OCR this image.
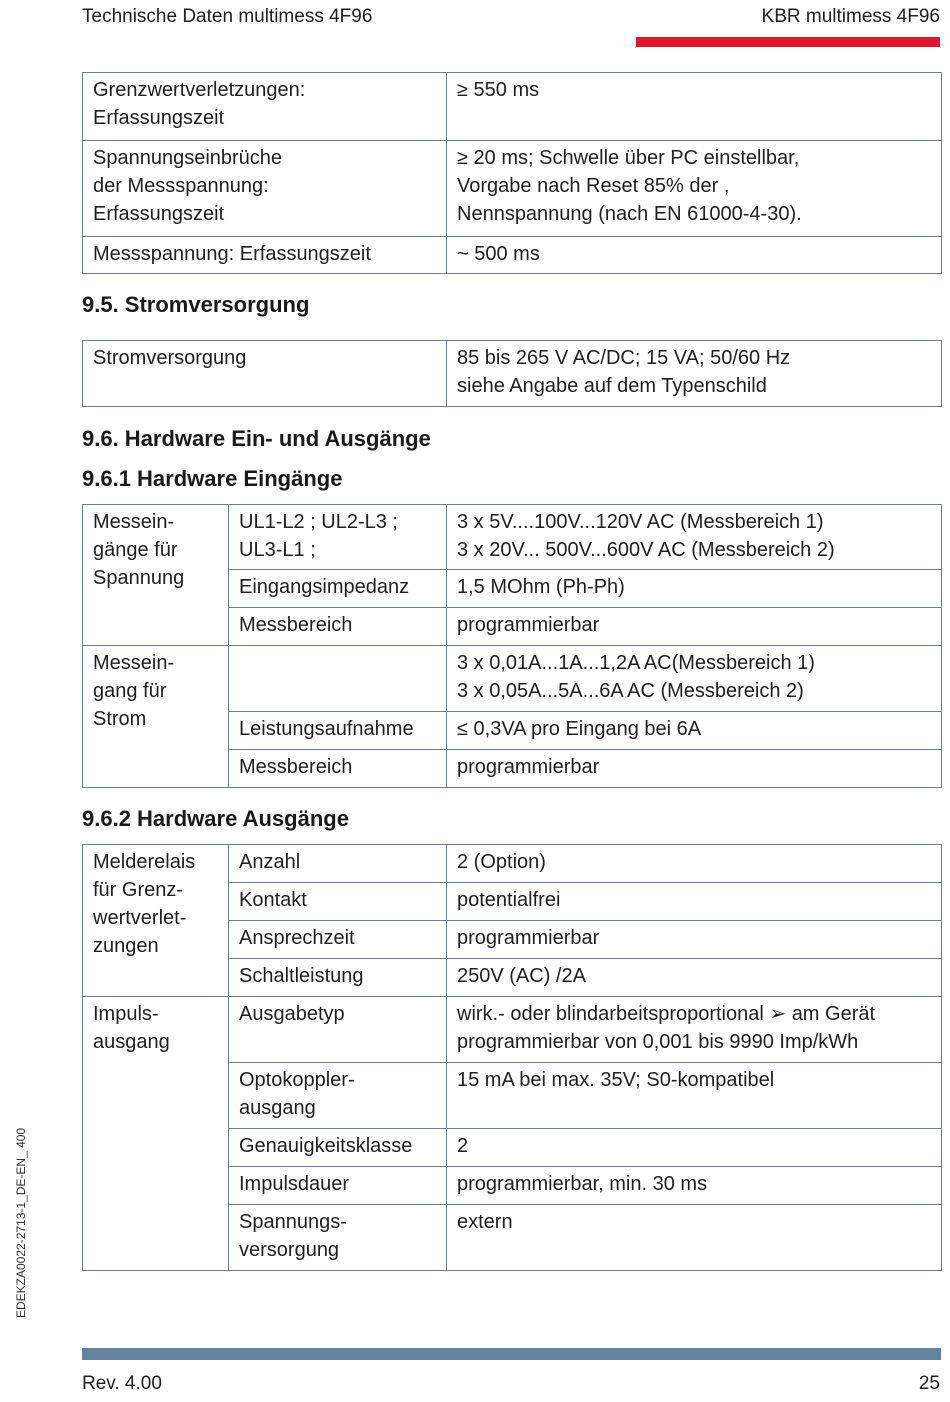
Technische Daten multimess 4F96	KBR multimess 4F96
Grenzwertverletzungen:
Erfassungszeit	≥ 550 ms
Spannungseinbrüche
der Messspannung:
Erfassungszeit	≥ 20 ms; Schwelle über PC einstellbar,
Vorgabe nach Reset 85% der ,
Nennspannung (nach EN 61000-4-30).
Messspannung: Erfassungszeit	~ 500 ms
9.5. Stromversorgung
Stromversorgung	85 bis 265 V AC/DC; 15 VA; 50/60 Hz
siehe Angabe auf dem Typenschild
9.6. Hardware Ein- und Ausgänge
9.6.1 Hardware Eingänge
Messein-
gänge für
Spannung	UL1-L2 ; UL2-L3 ;
UL3-L1 ;	3 x 5V....100V...120V AC (Messbereich 1)
3 x 20V... 500V...600V AC (Messbereich 2)
	Eingangsimpedanz	1,5 MOhm (Ph-Ph)
	Messbereich	programmierbar
Messein-
gang für
Strom		3 x 0,01A...1A...1,2A AC(Messbereich 1)
3 x 0,05A...5A...6A AC (Messbereich 2)
	Leistungsaufnahme	≤ 0,3VA pro Eingang bei 6A
	Messbereich	programmierbar
9.6.2 Hardware Ausgänge
Melderelais
für Grenz-
wertverlet-
zungen	Anzahl	2 (Option)
	Kontakt	potentialfrei
	Ansprechzeit	programmierbar
	Schaltleistung	250V (AC) /2A
Impuls-
ausgang	Ausgabetyp	wirk.- oder blindarbeitsproportional ➢ am Gerät
programmierbar von 0,001 bis 9990 Imp/kWh
	Optokoppler-
ausgang	15 mA bei max. 35V; S0-kompatibel
	Genauigkeitsklasse	2
	Impulsdauer	programmierbar, min. 30 ms
	Spannungs-
versorgung	extern
EDEKZA0022-2713-1_DE-EN_ 400
Rev. 4.00	25
